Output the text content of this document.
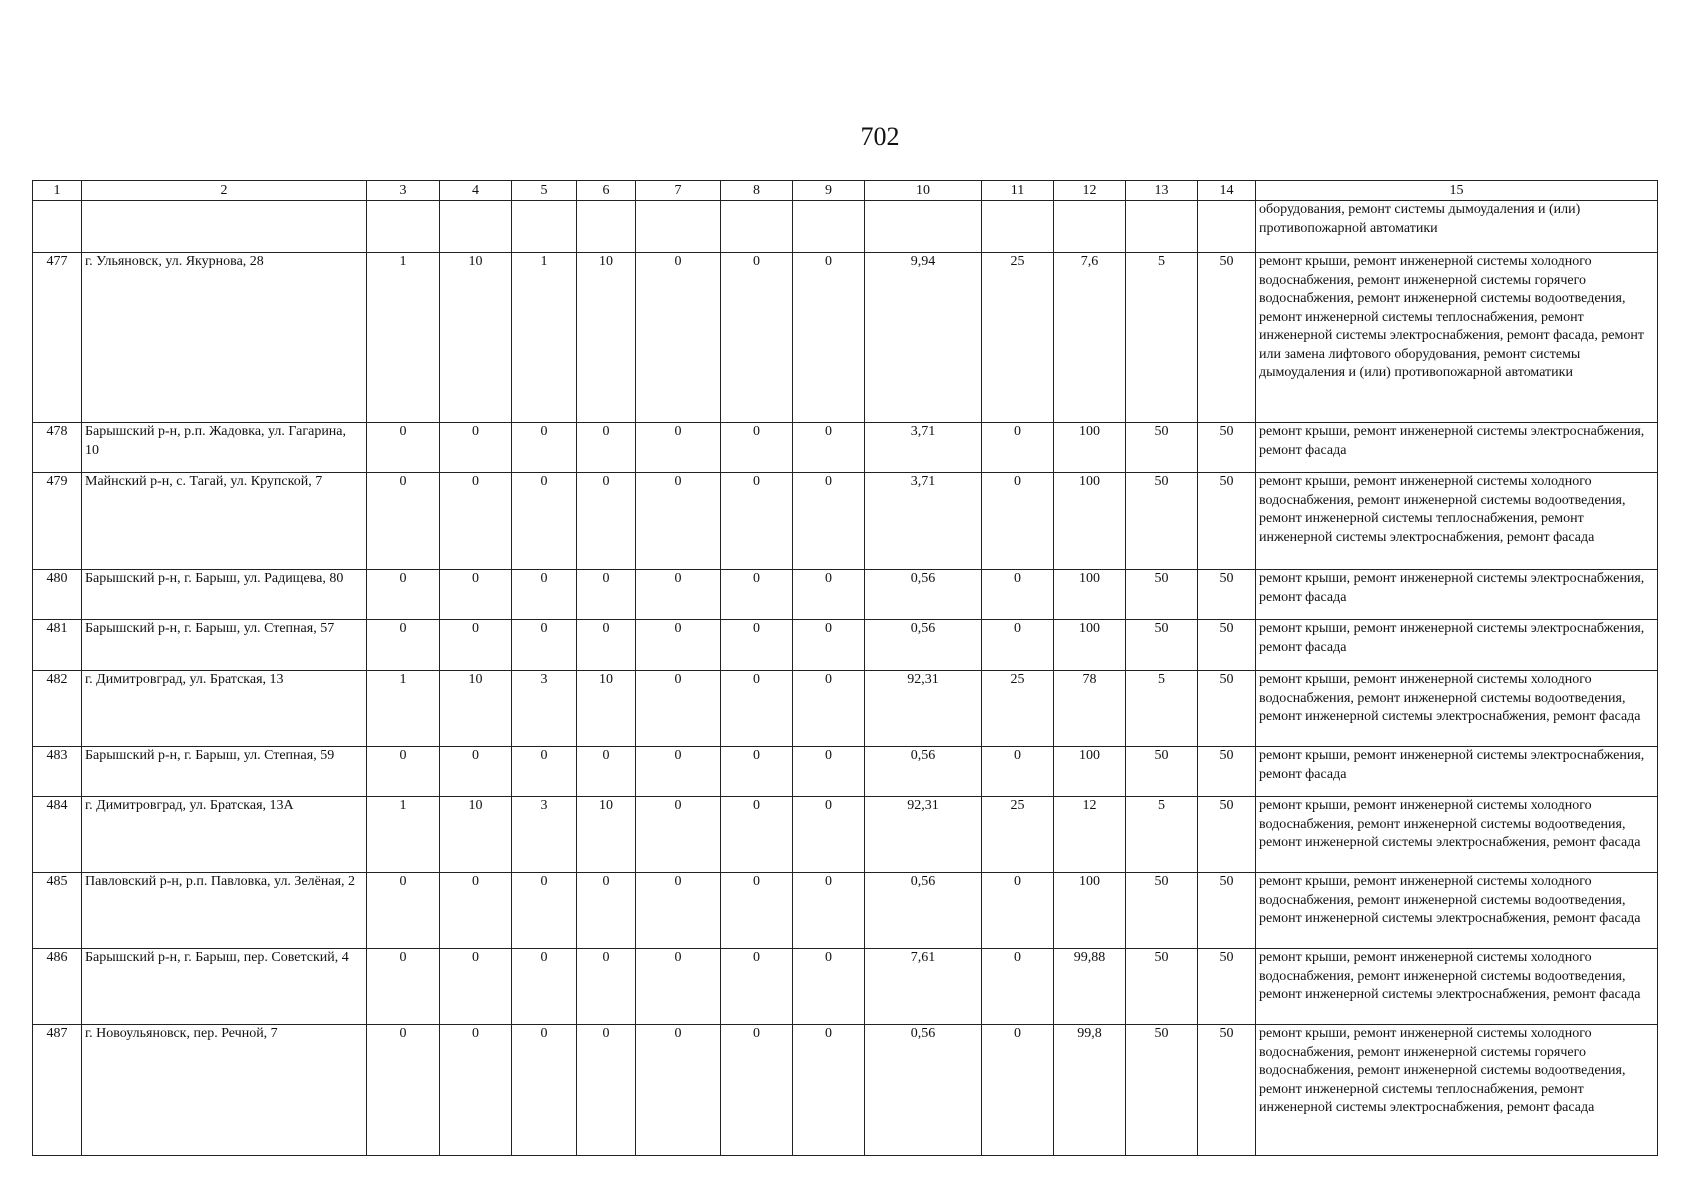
702
1	2	3	4	5	6	7	8	9	10	11	12	13	14	15
														оборудования, ремонт системы дымоудаления и (или) противопожарной автоматики
477	г. Ульяновск, ул. Якурнова, 28	1	10	1	10	0	0	0	9,94	25	7,6	5	50	ремонт крыши, ремонт инженерной системы холодного водоснабжения, ремонт инженерной системы горячего водоснабжения, ремонт инженерной системы водоотведения, ремонт инженерной системы теплоснабжения, ремонт инженерной системы электроснабжения, ремонт фасада, ремонт или замена лифтового оборудования, ремонт системы дымоудаления и (или) противопожарной автоматики
478	Барышский р-н, р.п. Жадовка, ул. Гагарина, 10	0	0	0	0	0	0	0	3,71	0	100	50	50	ремонт крыши, ремонт инженерной системы электроснабжения, ремонт фасада
479	Майнский р-н, с. Тагай, ул. Крупской, 7	0	0	0	0	0	0	0	3,71	0	100	50	50	ремонт крыши, ремонт инженерной системы холодного водоснабжения, ремонт инженерной системы водоотведения, ремонт инженерной системы теплоснабжения, ремонт инженерной системы электроснабжения, ремонт фасада
480	Барышский р-н, г. Барыш, ул. Радищева, 80	0	0	0	0	0	0	0	0,56	0	100	50	50	ремонт крыши, ремонт инженерной системы электроснабжения, ремонт фасада
481	Барышский р-н, г. Барыш, ул. Степная, 57	0	0	0	0	0	0	0	0,56	0	100	50	50	ремонт крыши, ремонт инженерной системы электроснабжения, ремонт фасада
482	г. Димитровград, ул. Братская, 13	1	10	3	10	0	0	0	92,31	25	78	5	50	ремонт крыши, ремонт инженерной системы холодного водоснабжения, ремонт инженерной системы водоотведения, ремонт инженерной системы электроснабжения, ремонт фасада
483	Барышский р-н, г. Барыш, ул. Степная, 59	0	0	0	0	0	0	0	0,56	0	100	50	50	ремонт крыши, ремонт инженерной системы электроснабжения, ремонт фасада
484	г. Димитровград, ул. Братская, 13А	1	10	3	10	0	0	0	92,31	25	12	5	50	ремонт крыши, ремонт инженерной системы холодного водоснабжения, ремонт инженерной системы водоотведения, ремонт инженерной системы электроснабжения, ремонт фасада
485	Павловский р-н, р.п. Павловка, ул. Зелёная, 2	0	0	0	0	0	0	0	0,56	0	100	50	50	ремонт крыши, ремонт инженерной системы холодного водоснабжения, ремонт инженерной системы водоотведения, ремонт инженерной системы электроснабжения, ремонт фасада
486	Барышский р-н, г. Барыш, пер. Советский, 4	0	0	0	0	0	0	0	7,61	0	99,88	50	50	ремонт крыши, ремонт инженерной системы холодного водоснабжения, ремонт инженерной системы водоотведения, ремонт инженерной системы электроснабжения, ремонт фасада
487	г. Новоульяновск, пер. Речной, 7	0	0	0	0	0	0	0	0,56	0	99,8	50	50	ремонт крыши, ремонт инженерной системы холодного водоснабжения, ремонт инженерной системы горячего водоснабжения, ремонт инженерной системы водоотведения, ремонт инженерной системы теплоснабжения, ремонт инженерной системы электроснабжения, ремонт фасада
